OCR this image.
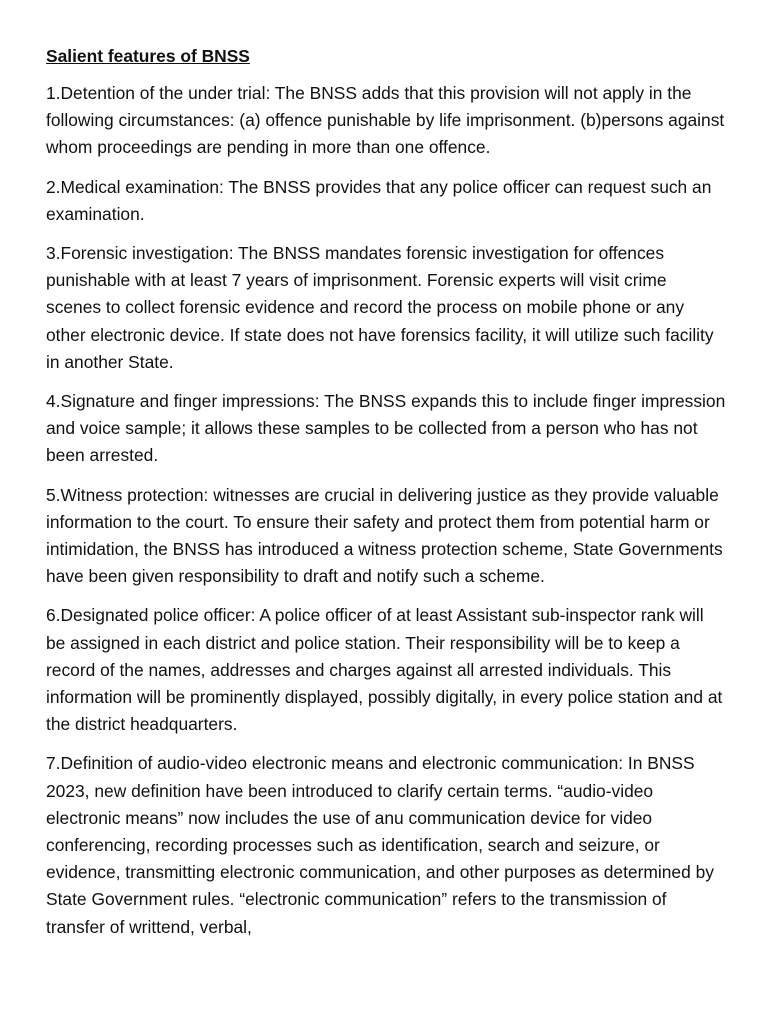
Salient features of BNSS

1.Detention of the under trial: The BNSS adds that this provision will not apply in the following circumstances: (a) offence punishable by life imprisonment. (b)persons against whom proceedings are pending in more than one offence.

2.Medical examination: The BNSS provides that any police officer can request such an examination.

3.Forensic investigation: The BNSS mandates forensic investigation for offences punishable with at least 7 years of imprisonment. Forensic experts will visit crime scenes to collect forensic evidence and record the process on mobile phone or any other electronic device. If state does not have forensics facility, it will utilize such facility in another State.

4.Signature and finger impressions: The BNSS expands this to include finger impression and voice sample; it allows these samples to be collected from a person who has not been arrested.

5.Witness protection: witnesses are crucial in delivering justice as they provide valuable information to the court. To ensure their safety and protect them from potential harm or intimidation, the BNSS has introduced a witness protection scheme, State Governments have been given responsibility to draft and notify such a scheme.

6.Designated police officer: A police officer of at least Assistant sub-inspector rank will be assigned in each district and police station. Their responsibility will be to keep a record of the names, addresses and charges against all arrested individuals. This information will be prominently displayed, possibly digitally, in every police station and at the district headquarters.

7.Definition of audio-video electronic means and electronic communication: In BNSS 2023, new definition have been introduced to clarify certain terms. “audio-video electronic means” now includes the use of anu communication device for video conferencing, recording processes such as identification, search and seizure, or evidence, transmitting electronic communication, and other purposes as determined by State Government rules. “electronic communication” refers to the transmission of transfer of writtend, verbal,
